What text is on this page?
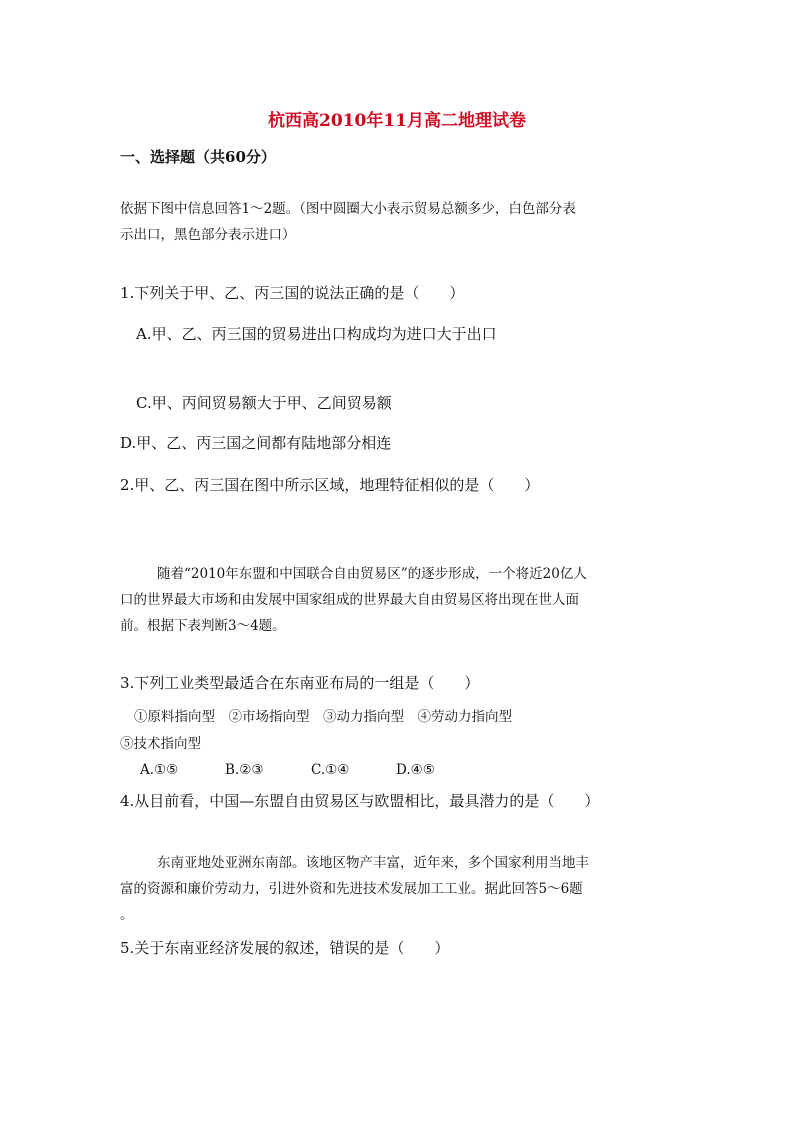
杭西高2010年11月高二地理试卷
一、选择题（共60分）
依据下图中信息回答1～2题。（图中圆圈大小表示贸易总额多少，白色部分表
示出口，黑色部分表示进口）
1.下列关于甲、乙、丙三国的说法正确的是（　　）
A.甲、乙、丙三国的贸易进出口构成均为进口大于出口
C.甲、丙间贸易额大于甲、乙间贸易额
D.甲、乙、丙三国之间都有陆地部分相连
2.甲、乙、丙三国在图中所示区域，地理特征相似的是（　　）
随着“2010年东盟和中国联合自由贸易区”的逐步形成，一个将近20亿人
口的世界最大市场和由发展中国家组成的世界最大自由贸易区将出现在世人面
前。根据下表判断3～4题。
3.下列工业类型最适合在东南亚布局的一组是（　　）
①原料指向型　②市场指向型　③动力指向型　④劳动力指向型
⑤技术指向型
A.①⑤	B.②③	C.①④	D.④⑤
4.从目前看，中国—东盟自由贸易区与欧盟相比，最具潜力的是（　　）
东南亚地处亚洲东南部。该地区物产丰富，近年来，多个国家利用当地丰
富的资源和廉价劳动力，引进外资和先进技术发展加工工业。据此回答5～6题
。
5.关于东南亚经济发展的叙述，错误的是（　　）
